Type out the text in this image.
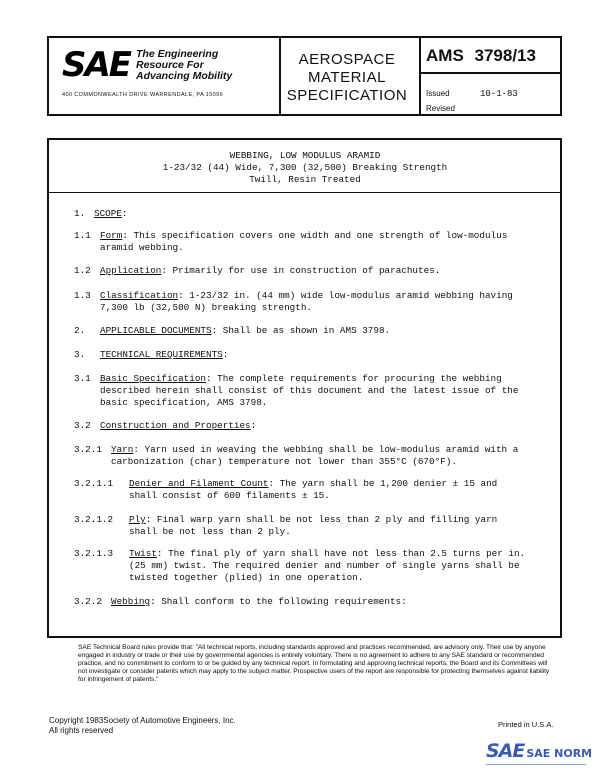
SAE The Engineering
Resource For
Advancing Mobility
400 COMMONWEALTH DRIVE WARRENDALE, PA 15096
AEROSPACE
MATERIAL
SPECIFICATION
AMS 3798/13
Issued
Revised
10-1-83
WEBBING, LOW MODULUS ARAMID
1-23/32 (44) Wide, 7,300 (32,500) Breaking Strength
Twill, Resin Treated
1. SCOPE:
1.1 Form: This specification covers one width and one strength of low-modulus
aramid webbing.
1.2 Application: Primarily for use in construction of parachutes.
1.3 Classification: 1-23/32 in. (44 mm) wide low-modulus aramid webbing having
7,300 lb (32,500 N) breaking strength.
2. APPLICABLE DOCUMENTS: Shall be as shown in AMS 3798.
3. TECHNICAL REQUIREMENTS:
3.1 Basic Specification: The complete requirements for procuring the webbing
described herein shall consist of this document and the latest issue of the
basic specification, AMS 3798.
3.2 Construction and Properties:
3.2.1 Yarn: Yarn used in weaving the webbing shall be low-modulus aramid with a
carbonization (char) temperature not lower than 355°C (670°F).
3.2.1.1 Denier and Filament Count: The yarn shall be 1,200 denier ± 15 and
shall consist of 600 filaments ± 15.
3.2.1.2 Ply: Final warp yarn shall be not less than 2 ply and filling yarn
shall be not less than 2 ply.
3.2.1.3 Twist: The final ply of yarn shall have not less than 2.5 turns per in.
(25 mm) twist. The required denier and number of single yarns shall be
twisted together (plied) in one operation.
3.2.2 Webbing: Shall conform to the following requirements:
SAE Technical Board rules provide that: "All technical reports, including standards approved and practices recommended, are advisory only. Their use by anyone engaged in industry or trade or their use by governmental agencies is entirely voluntary. There is no agreement to adhere to any SAE standard or recommended practice, and no commitment to conform to or be guided by any technical report. In formulating and approving technical reports, the Board and its Committees will not investigate or consider patents which may apply to the subject matter. Prospective users of the report are responsible for protecting themselves against liability for infringement of patents."
Copyright 1983Society of Automotive Engineers, Inc.
All rights reserved
Printed in U.S.A.
SAE SAE NORM
